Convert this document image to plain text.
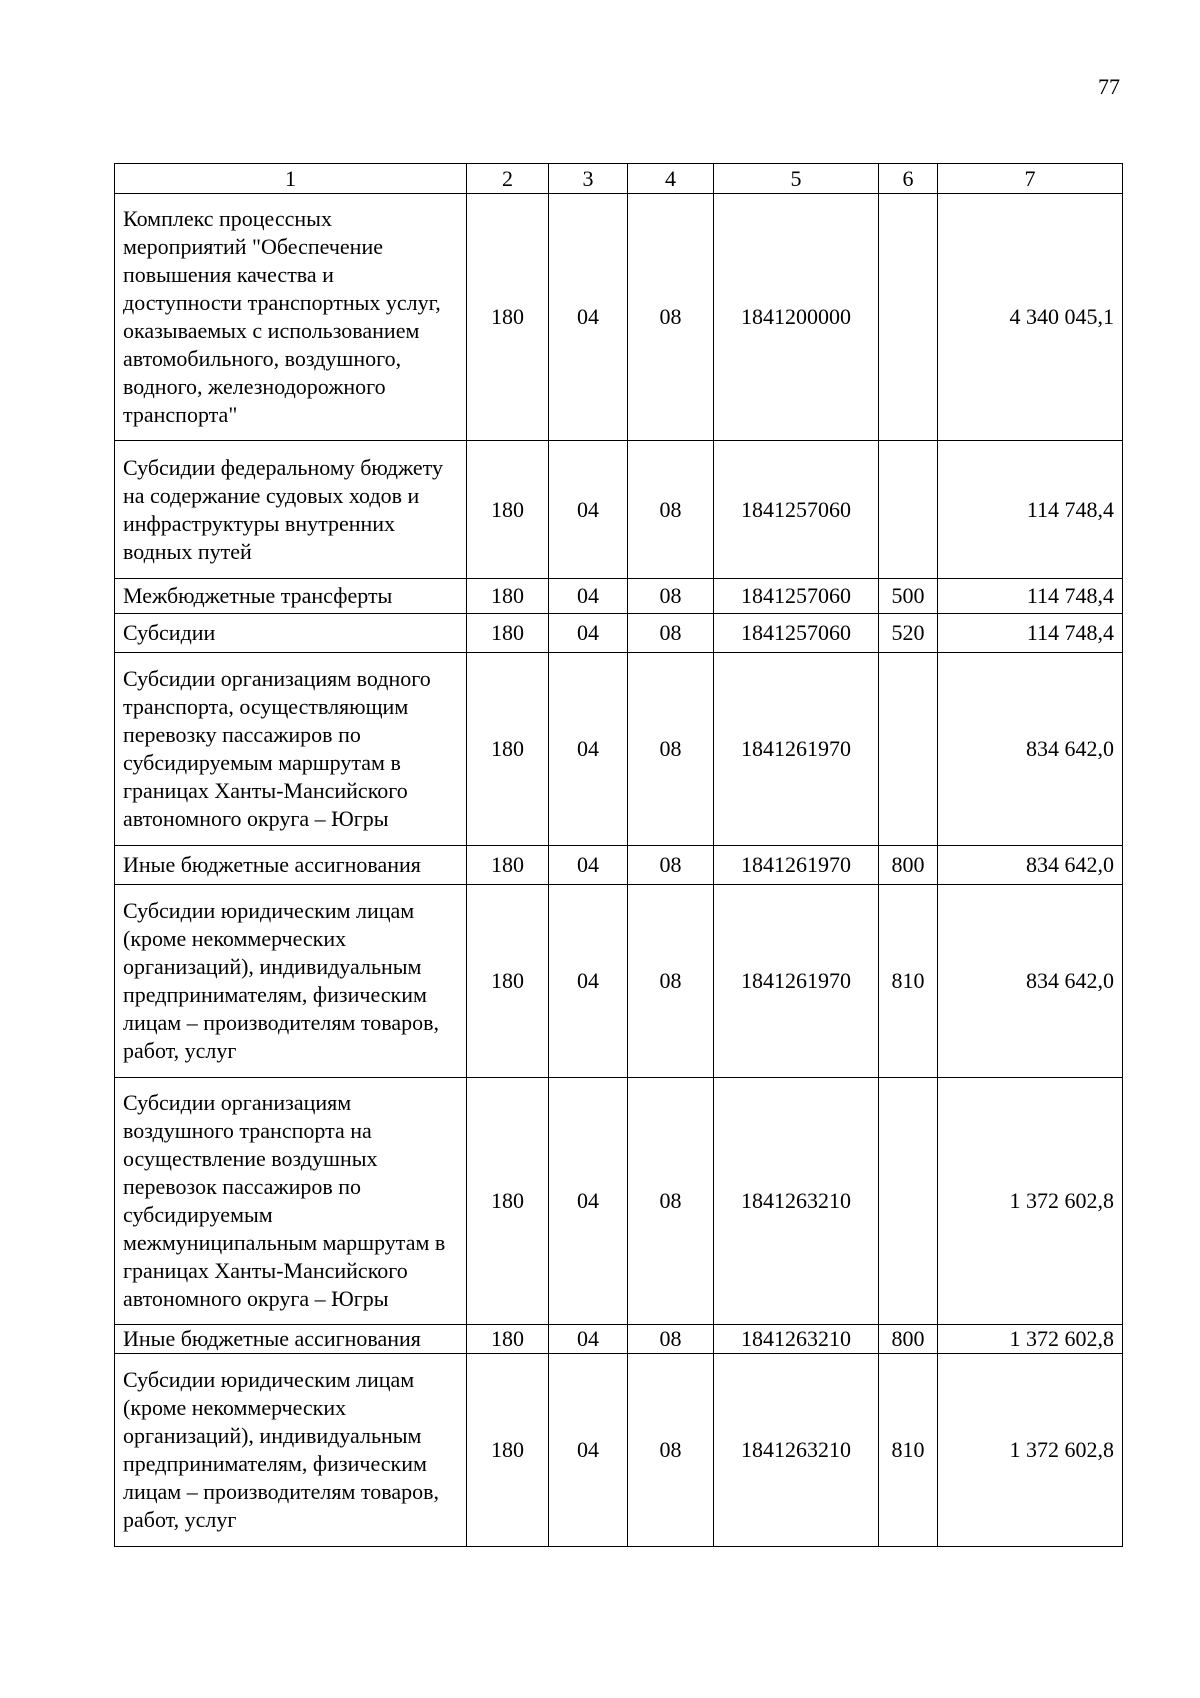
77
1	2	3	4	5	6	7
Комплекс процессных мероприятий "Обеспечение повышения качества и доступности транспортных услуг, оказываемых с использованием автомобильного, воздушного, водного, железнодорожного транспорта"	180	04	08	1841200000		4 340 045,1
Субсидии федеральному бюджету на содержание судовых ходов и инфраструктуры внутренних водных путей	180	04	08	1841257060		114 748,4
Межбюджетные трансферты	180	04	08	1841257060	500	114 748,4
Субсидии	180	04	08	1841257060	520	114 748,4
Субсидии организациям водного транспорта, осуществляющим перевозку пассажиров по субсидируемым маршрутам в границах Ханты-Мансийского автономного округа – Югры	180	04	08	1841261970		834 642,0
Иные бюджетные ассигнования	180	04	08	1841261970	800	834 642,0
Субсидии юридическим лицам (кроме некоммерческих организаций), индивидуальным предпринимателям, физическим лицам – производителям товаров, работ, услуг	180	04	08	1841261970	810	834 642,0
Субсидии организациям воздушного транспорта на осуществление воздушных перевозок пассажиров по субсидируемым межмуниципальным маршрутам в границах Ханты-Мансийского автономного округа – Югры	180	04	08	1841263210		1 372 602,8
Иные бюджетные ассигнования	180	04	08	1841263210	800	1 372 602,8
Субсидии юридическим лицам (кроме некоммерческих организаций), индивидуальным предпринимателям, физическим лицам – производителям товаров, работ, услуг	180	04	08	1841263210	810	1 372 602,8
